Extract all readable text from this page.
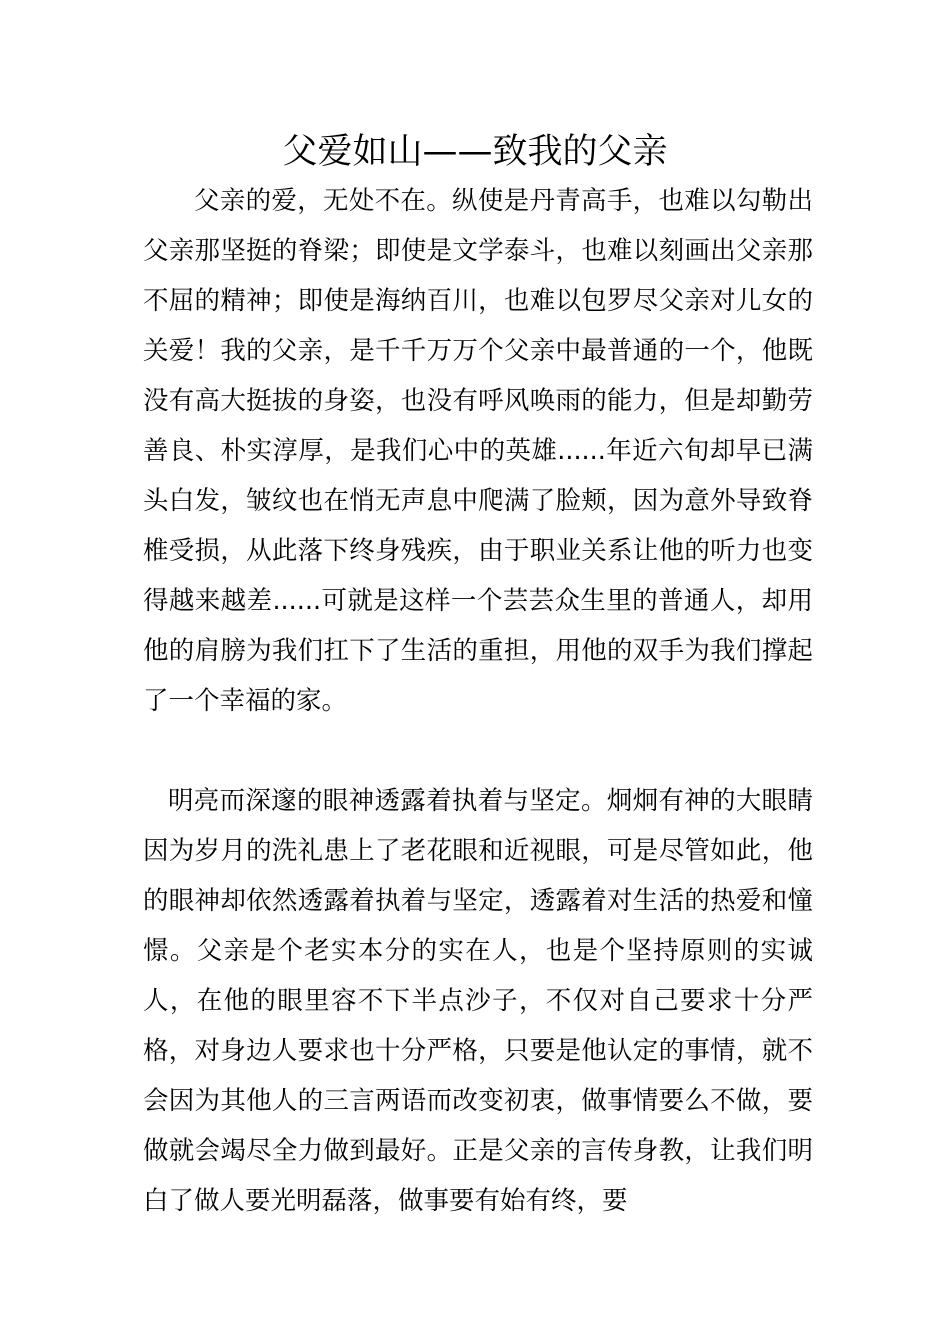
父爱如山——致我的父亲

父亲的爱，无处不在。纵使是丹青高手，也难以勾勒出父亲那坚挺的脊梁；即使是文学泰斗，也难以刻画出父亲那不屈的精神；即使是海纳百川，也难以包罗尽父亲对儿女的关爱！我的父亲，是千千万万个父亲中最普通的一个，他既没有高大挺拔的身姿，也没有呼风唤雨的能力，但是却勤劳善良、朴实淳厚，是我们心中的英雄......年近六旬却早已满头白发，皱纹也在悄无声息中爬满了脸颊，因为意外导致脊椎受损，从此落下终身残疾，由于职业关系让他的听力也变得越来越差......可就是这样一个芸芸众生里的普通人，却用他的肩膀为我们扛下了生活的重担，用他的双手为我们撑起了一个幸福的家。

明亮而深邃的眼神透露着执着与坚定。炯炯有神的大眼睛因为岁月的洗礼患上了老花眼和近视眼，可是尽管如此，他的眼神却依然透露着执着与坚定，透露着对生活的热爱和憧憬。父亲是个老实本分的实在人，也是个坚持原则的实诚人，在他的眼里容不下半点沙子，不仅对自己要求十分严格，对身边人要求也十分严格，只要是他认定的事情，就不会因为其他人的三言两语而改变初衷，做事情要么不做，要做就会竭尽全力做到最好。正是父亲的言传身教，让我们明白了做人要光明磊落，做事要有始有终，要
